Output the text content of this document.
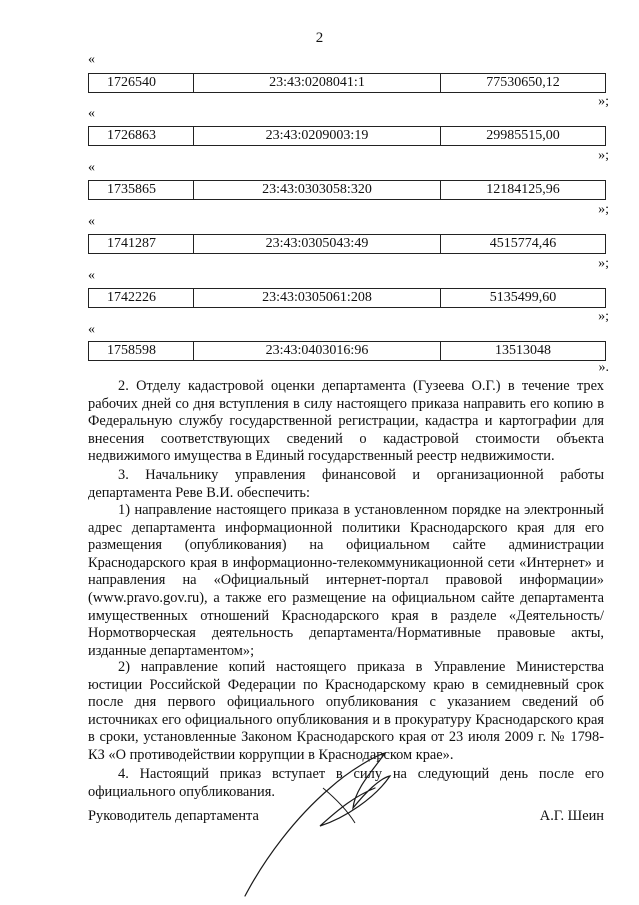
2
«
1726540	23:43:0208041:1	77530650,12
»;
«
1726863	23:43:0209003:19	29985515,00
»;
«
1735865	23:43:0303058:320	12184125,96
»;
«
1741287	23:43:0305043:49	4515774,46
»;
«
1742226	23:43:0305061:208	5135499,60
»;
«
1758598	23:43:0403016:96	13513048
».
2. Отделу кадастровой оценки департамента (Гузеева О.Г.) в течение трех рабочих дней со дня вступления в силу настоящего приказа направить его копию в Федеральную службу государственной регистрации, кадастра и картографии для внесения соответствующих сведений о кадастровой стоимости объекта недвижимого имущества в Единый государственный реестр недвижимости.
3. Начальнику управления финансовой и организационной работы департамента Реве В.И. обеспечить:
1) направление настоящего приказа в установленном порядке на электронный адрес департамента информационной политики Краснодарского края для его размещения (опубликования) на официальном сайте администрации Краснодарского края в информационно-телекоммуникационной сети «Интернет» и направления на «Официальный интернет-портал правовой информации» (www.pravo.gov.ru), а также его размещение на официальном сайте департамента имущественных отношений Краснодарского края в разделе «Деятельность/Нормотворческая деятельность департамента/Нормативные правовые акты, изданные департаментом»;
2) направление копий настоящего приказа в Управление Министерства юстиции Российской Федерации по Краснодарскому краю в семидневный срок после дня первого официального опубликования с указанием сведений об источниках его официального опубликования и в прокуратуру Краснодарского края в сроки, установленные Законом Краснодарского края от 23 июля 2009 г. № 1798-КЗ «О противодействии коррупции в Краснодарском крае».
4. Настоящий приказ вступает в силу на следующий день после его официального опубликования.
Руководитель департамента	А.Г. Шеин
